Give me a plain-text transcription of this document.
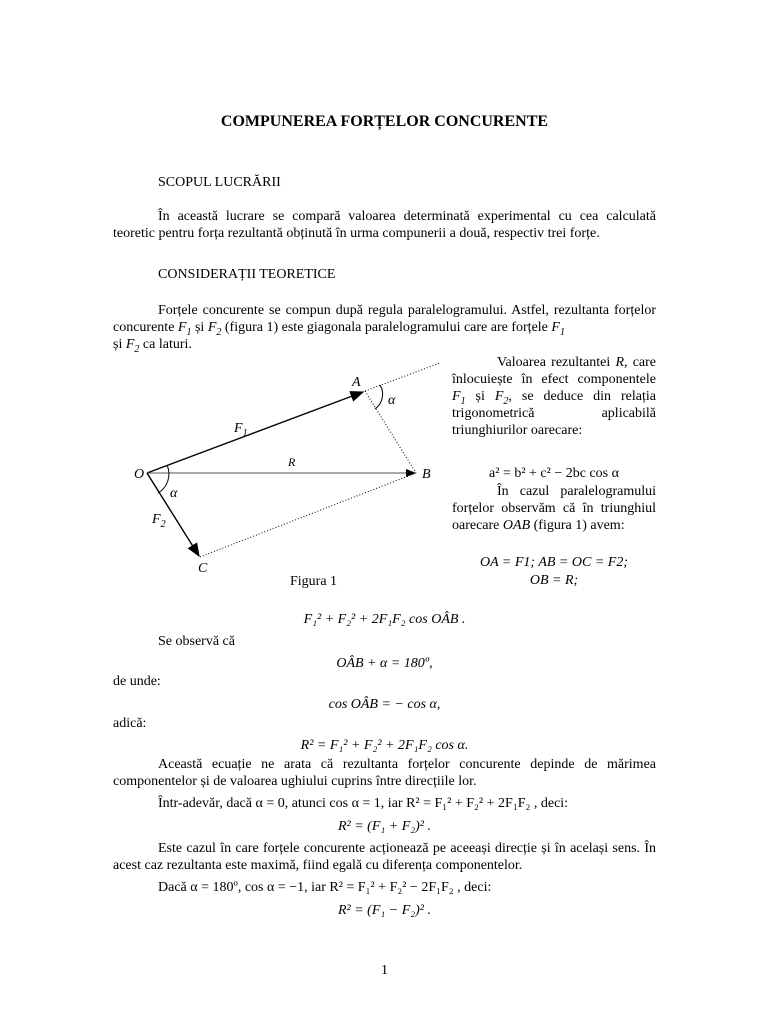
COMPUNEREA FORȚELOR CONCURENTE
SCOPUL LUCRĂRII
În această lucrare se compară valoarea determinată experimental cu cea calculată teoretic pentru forța rezultantă obținută în urma compunerii a două, respectiv trei forțe.
CONSIDERAȚII TEORETICE
Forțele concurente se compun după regula paralelogramului. Astfel, rezultanta forțelor concurente $F_1$ și $F_2$ (figura 1) este giagonala paralelogramului care are forțele $F_1$
și $F_2$ ca laturi.
A
α
$F_1$
R
O	B
α
$F_2$
C
Figura 1
Valoarea rezultantei R, care înlocuiește în efect componentele $F_1$ și $F_2$, se deduce din relația trigonometrică aplicabilă triunghiurilor oarecare:
a² = b² + c² − 2bc cos α
În cazul paralelogramului forțelor observăm că în triunghiul oarecare OAB (figura 1) avem:
OA = F1; AB = OC = F2;
OB = R;
F₁² + F₂² + 2F₁F₂ cos OÂB .
Se observă că
OÂB + α = 180º,
de unde:
cos OÂB = − cos α,
adică:
R² = F₁² + F₂² + 2F₁F₂ cos α.
Această ecuație ne arata că rezultanta forțelor concurente depinde de mărimea componentelor și de valoarea ughiului cuprins între direcțiile lor.
Într-adevăr, dacă α = 0, atunci cos α = 1, iar R² = F₁² + F₂² + 2F₁F₂ , deci:
R² = (F₁ + F₂)² .
Este cazul în care forțele concurente acționează pe aceeași direcție și în același sens. În acest caz rezultanta este maximă, fiind egală cu diferența componentelor.
Dacă α = 180º, cos α = −1, iar R² = F₁² + F₂² − 2F₁F₂ , deci:
R² = (F₁ − F₂)² .
1
